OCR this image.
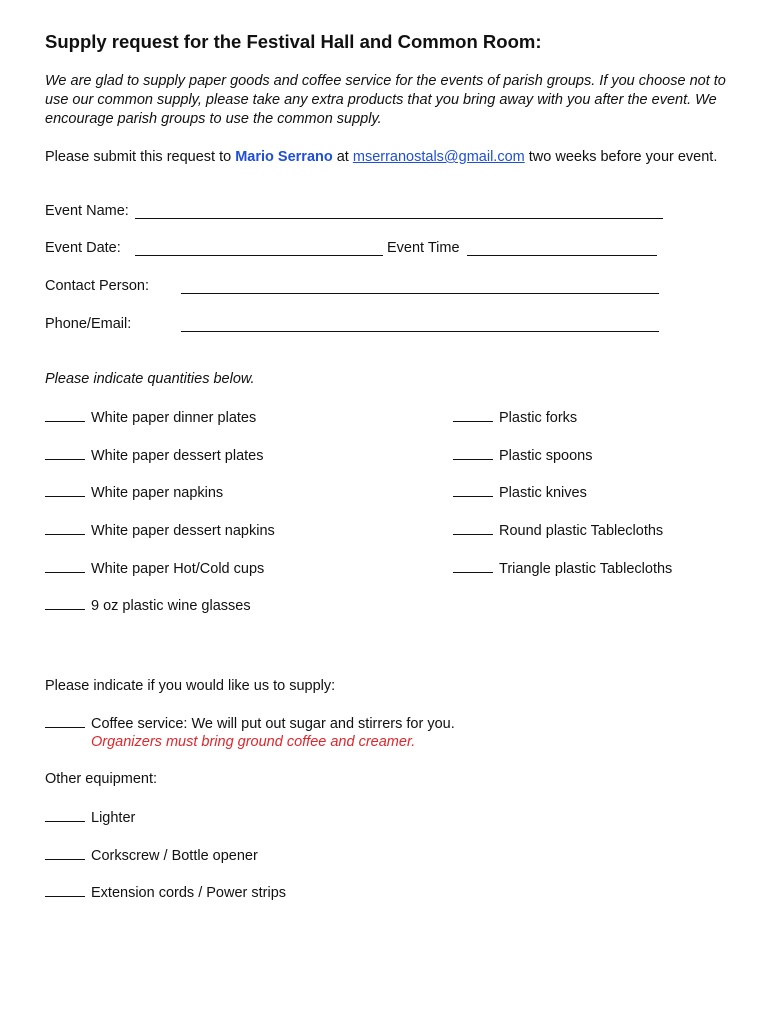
Supply request for the Festival Hall and Common Room:

We are glad to supply paper goods and coffee service for the events of parish groups. If you choose not to use our common supply, please take any extra products that you bring away with you after the event. We encourage parish groups to use the common supply.

Please submit this request to Mario Serrano at mserranostals@gmail.com two weeks before your event.

Event Name:
Event Date:	Event Time
Contact Person:
Phone/Email:
Please indicate quantities below.
White paper dinner plates
White paper dessert plates
White paper napkins
White paper dessert napkins
White paper Hot/Cold cups
9 oz plastic wine glasses
Plastic forks
Plastic spoons
Plastic knives
Round plastic Tablecloths
Triangle plastic Tablecloths
Please indicate if you would like us to supply:
Coffee service: We will put out sugar and stirrers for you.
Organizers must bring ground coffee and creamer.
Other equipment:
Lighter
Corkscrew / Bottle opener
Extension cords / Power strips
